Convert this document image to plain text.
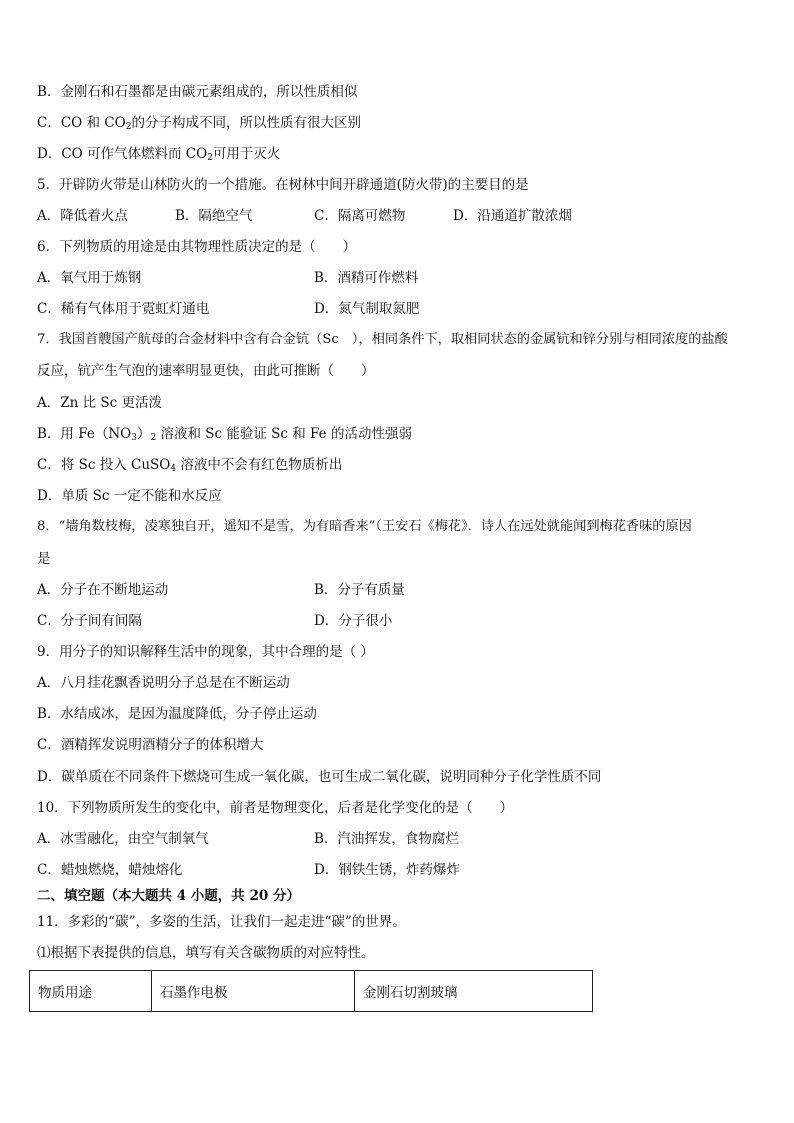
B．金刚石和石墨都是由碳元素组成的，所以性质相似
C．CO 和 $CO_2$的分子构成不同，所以性质有很大区别
D．CO 可作气体燃料而 $CO_2$可用于灭火
5．开辟防火带是山林防火的一个措施。在树林中间开辟通道(防火带)的主要目的是
A．降低着火点	B．隔绝空气	C．隔离可燃物	D．沿通道扩散浓烟
6．下列物质的用途是由其物理性质决定的是（　　）
A．氧气用于炼钢	B．酒精可作燃料
C．稀有气体用于霓虹灯通电	D．氮气制取氮肥
7．我国首艘国产航母的合金材料中含有合金钪（Sc　），相同条件下，取相同状态的金属钪和锌分别与相同浓度的盐酸
反应，钪产生气泡的速率明显更快，由此可推断（　　）
A．Zn 比 Sc 更活泼
B．用 $Fe(NO_3)_2$ 溶液和 Sc 能验证 Sc 和 Fe 的活动性强弱
C．将 Sc 投入 CuSO$_4$ 溶液中不会有红色物质析出
D．单质 Sc 一定不能和水反应
8．“墙角数枝梅，凌寒独自开，遥知不是雪，为有暗香来”（王安石《梅花》．诗人在远处就能闻到梅花香味的原因
是
A．分子在不断地运动	B．分子有质量
C．分子间有间隔	D．分子很小
9．用分子的知识解释生活中的现象，其中合理的是（ ）
A．八月挂花飘香说明分子总是在不断运动
B．水结成冰，是因为温度降低，分子停止运动
C．酒精挥发说明酒精分子的体积增大
D．碳单质在不同条件下燃烧可生成一氧化碳，也可生成二氧化碳，说明同种分子化学性质不同
10．下列物质所发生的变化中，前者是物理变化，后者是化学变化的是（　　）
A．冰雪融化，由空气制氧气	B．汽油挥发，食物腐烂
C．蜡烛燃烧，蜡烛熔化	D．钢铁生锈，炸药爆炸
二、填空题（本大题共 4 小题，共 20 分）
11．多彩的“碳”，多姿的生活，让我们一起走进“碳”的世界。
⑴根据下表提供的信息，填写有关含碳物质的对应特性。
物质用途	石墨作电极	金刚石切割玻璃
